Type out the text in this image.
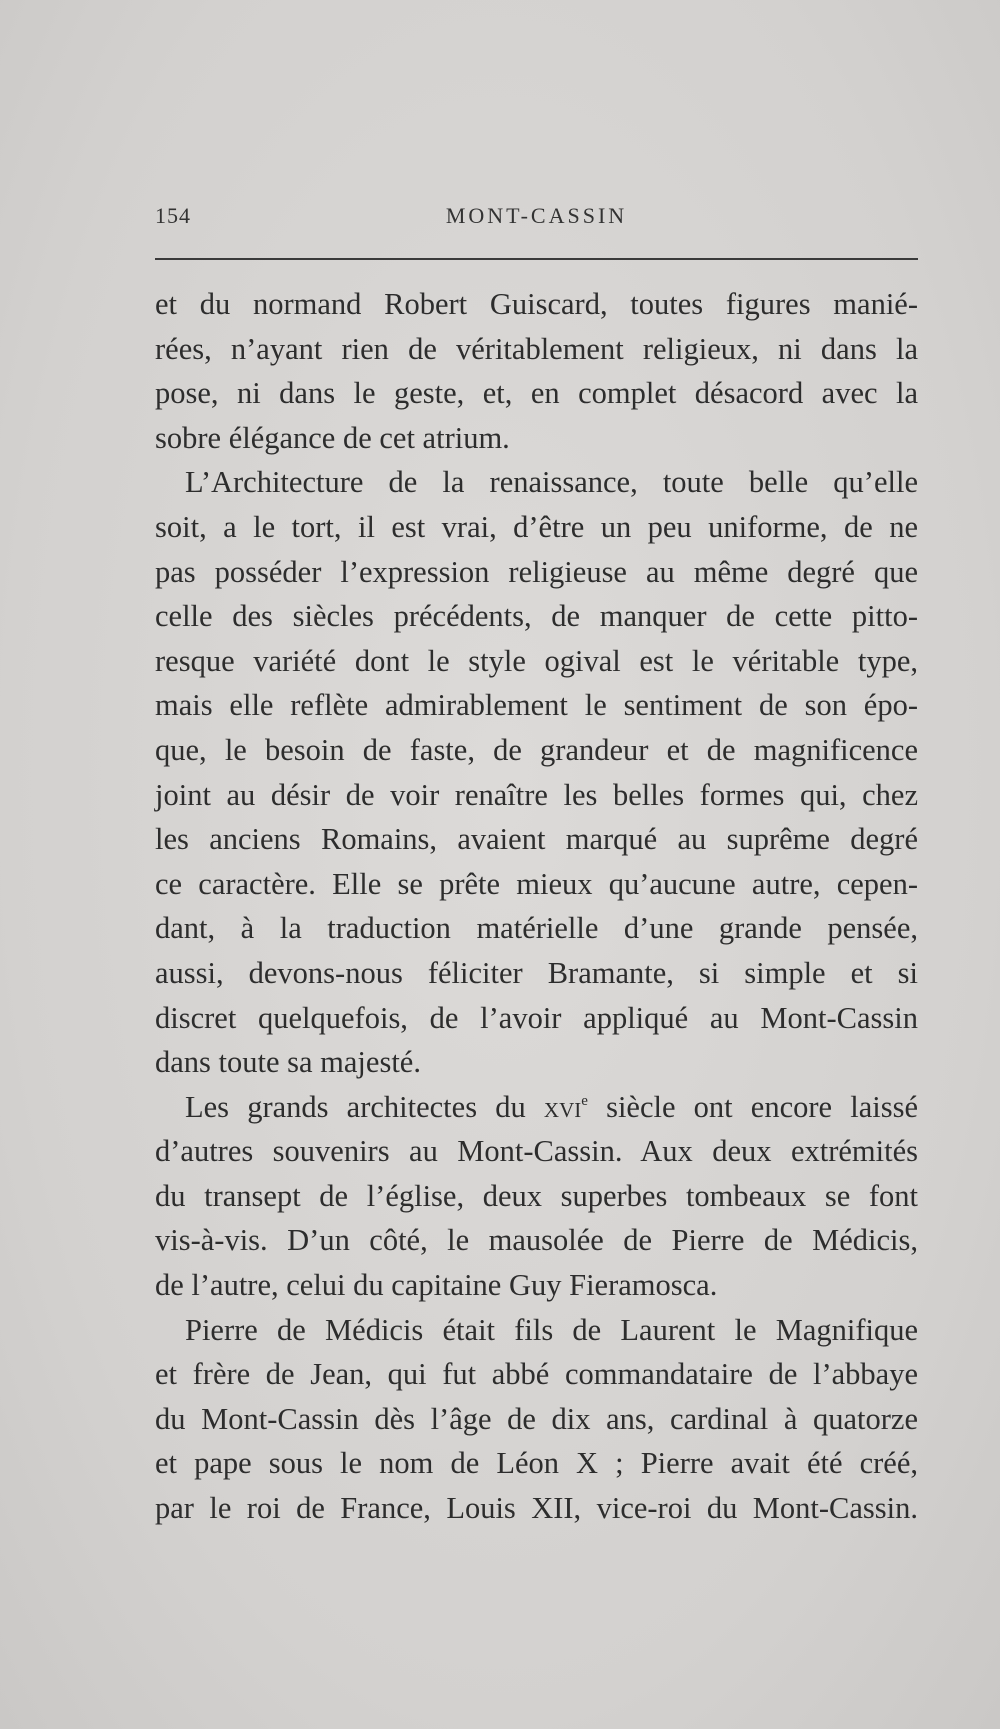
154	MONT-CASSIN
et du normand Robert Guiscard, toutes figures manié-
rées, n’ayant rien de véritablement religieux, ni dans la
pose, ni dans le geste, et, en complet désacord avec la
sobre élégance de cet atrium.
L’Architecture de la renaissance, toute belle qu’elle
soit, a le tort, il est vrai, d’être un peu uniforme, de ne
pas posséder l’expression religieuse au même degré que
celle des siècles précédents, de manquer de cette pitto-
resque variété dont le style ogival est le véritable type,
mais elle reflète admirablement le sentiment de son épo-
que, le besoin de faste, de grandeur et de magnificence
joint au désir de voir renaître les belles formes qui, chez
les anciens Romains, avaient marqué au suprême degré
ce caractère. Elle se prête mieux qu’aucune autre, cepen-
dant, à la traduction matérielle d’une grande pensée,
aussi, devons-nous féliciter Bramante, si simple et si
discret quelquefois, de l’avoir appliqué au Mont-Cassin
dans toute sa majesté.
Les grands architectes du xvi$^e$ siècle ont encore laissé
d’autres souvenirs au Mont-Cassin. Aux deux extrémités
du transept de l’église, deux superbes tombeaux se font
vis-à-vis. D’un côté, le mausolée de Pierre de Médicis,
de l’autre, celui du capitaine Guy Fieramosca.
Pierre de Médicis était fils de Laurent le Magnifique
et frère de Jean, qui fut abbé commandataire de l’abbaye
du Mont-Cassin dès l’âge de dix ans, cardinal à quatorze
et pape sous le nom de Léon X ; Pierre avait été créé,
par le roi de France, Louis XII, vice-roi du Mont-Cassin.
